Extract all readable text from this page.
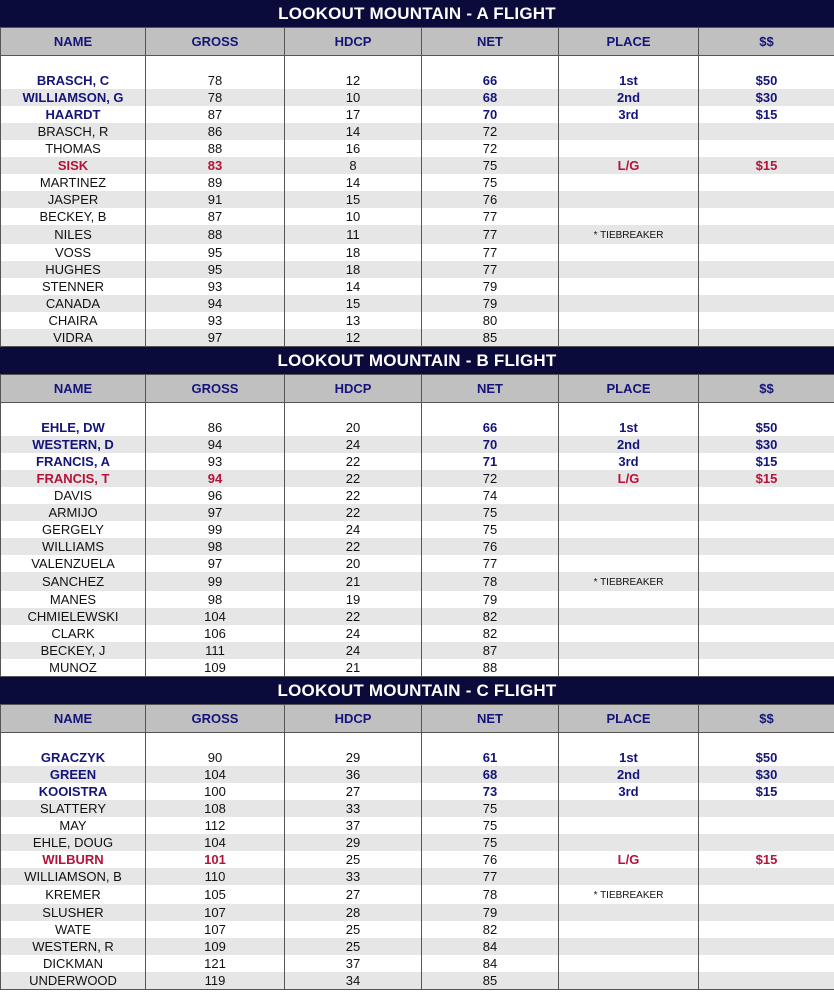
LOOKOUT MOUNTAIN - A FLIGHT
NAME	GROSS	HDCP	NET	PLACE	$$

BRASCH, C	78	12	66	1st	$50
WILLIAMSON, G	78	10	68	2nd	$30
HAARDT	87	17	70	3rd	$15
BRASCH, R	86	14	72		
THOMAS	88	16	72		
SISK	83	8	75	L/G	$15
MARTINEZ	89	14	75		
JASPER	91	15	76		
BECKEY, B	87	10	77		
NILES	88	11	77	* TIEBREAKER	
VOSS	95	18	77		
HUGHES	95	18	77		
STENNER	93	14	79		
CANADA	94	15	79		
CHAIRA	93	13	80		
VIDRA	97	12	85		
LOOKOUT MOUNTAIN - B FLIGHT
NAME	GROSS	HDCP	NET	PLACE	$$

EHLE, DW	86	20	66	1st	$50
WESTERN, D	94	24	70	2nd	$30
FRANCIS, A	93	22	71	3rd	$15
FRANCIS, T	94	22	72	L/G	$15
DAVIS	96	22	74		
ARMIJO	97	22	75		
GERGELY	99	24	75		
WILLIAMS	98	22	76		
VALENZUELA	97	20	77		
SANCHEZ	99	21	78	* TIEBREAKER	
MANES	98	19	79		
CHMIELEWSKI	104	22	82		
CLARK	106	24	82		
BECKEY, J	111	24	87		
MUNOZ	109	21	88		
LOOKOUT MOUNTAIN - C FLIGHT
NAME	GROSS	HDCP	NET	PLACE	$$

GRACZYK	90	29	61	1st	$50
GREEN	104	36	68	2nd	$30
KOOISTRA	100	27	73	3rd	$15
SLATTERY	108	33	75		
MAY	112	37	75		
EHLE, DOUG	104	29	75		
WILBURN	101	25	76	L/G	$15
WILLIAMSON, B	110	33	77		
KREMER	105	27	78	* TIEBREAKER	
SLUSHER	107	28	79		
WATE	107	25	82		
WESTERN, R	109	25	84		
DICKMAN	121	37	84		
UNDERWOOD	119	34	85		
